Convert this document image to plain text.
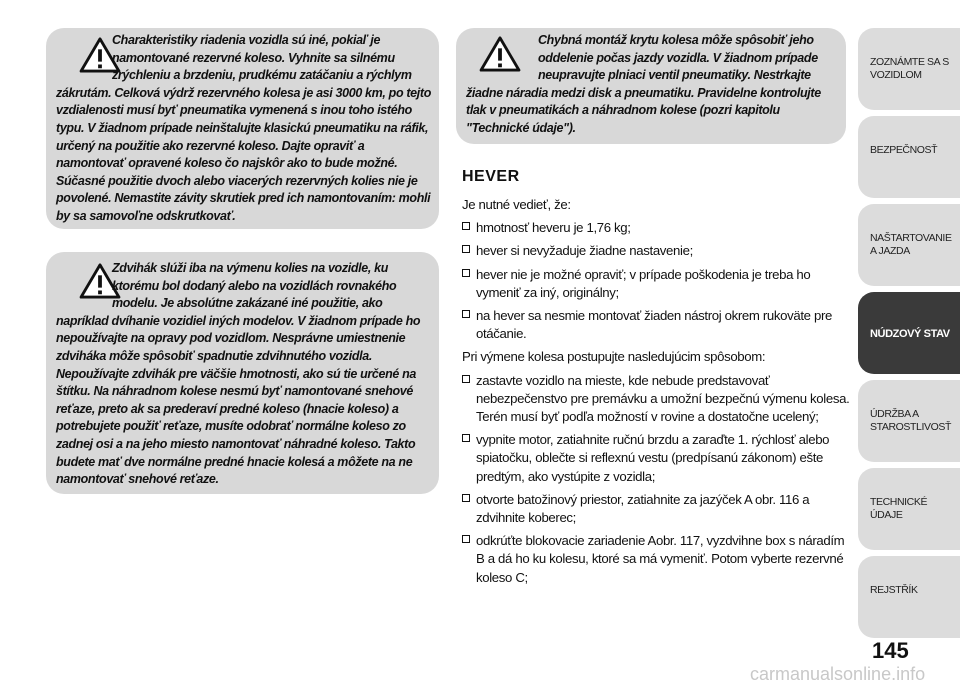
Charakteristiky riadenia vozidla sú iné, pokiaľ je
namontované rezervné koleso. Vyhnite sa silnému
zrýchleniu a brzdeniu, prudkému zatáčaniu a rýchlym
zákrutám. Celková výdrž rezervného kolesa je asi 3000 km, po tejto vzdialenosti musí byť pneumatika vymenená s inou toho istého typu. V žiadnom prípade neinštalujte klasickú pneumatiku na ráfik, určený na použitie ako rezervné koleso. Dajte opraviť a namontovať opravené koleso čo najskôr ako to bude možné. Súčasné použitie dvoch alebo viacerých rezervných kolies nie je povolené. Nemastite závity skrutiek pred ich namontovaním: mohli by sa samovoľne odskrutkovať.

Zdvihák slúži iba na výmenu kolies na vozidle, ku
ktorému bol dodaný alebo na vozidlách rovnakého
modelu. Je absolútne zakázané iné použitie, ako
napríklad dvíhanie vozidiel iných modelov. V žiadnom prípade ho nepoužívajte na opravy pod vozidlom. Nesprávne umiestnenie zdviháka môže spôsobiť spadnutie zdvihnutého vozidla. Nepoužívajte zdvihák pre väčšie hmotnosti, ako sú tie určené na štítku. Na náhradnom kolese nesmú byť namontované snehové reťaze, preto ak sa prederaví predné koleso (hnacie koleso) a potrebujete použiť reťaze, musíte odobrať normálne koleso zo zadnej osi a na jeho miesto namontovať náhradné koleso. Takto budete mať dve normálne predné hnacie kolesá a môžete na ne namontovať snehové reťaze.

Chybná montáž krytu kolesa môže spôsobiť jeho
oddelenie počas jazdy vozidla. V žiadnom prípade
neupravujte plniaci ventil pneumatiky. Nestrkajte
žiadne náradia medzi disk a pneumatiku. Pravidelne kontrolujte tlak v pneumatikách a náhradnom kolese (pozri kapitolu "Technické údaje").

HEVER

Je nutné vedieť, že:

hmotnosť heveru je 1,76 kg;
hever si nevyžaduje žiadne nastavenie;
hever nie je možné opraviť; v prípade poškodenia je treba ho vymeniť za iný, originálny;
na hever sa nesmie montovať žiaden nástroj okrem rukoväte pre otáčanie.

Pri výmene kolesa postupujte nasledujúcim spôsobom:

zastavte vozidlo na mieste, kde nebude predstavovať nebezpečenstvo pre premávku a umožní bezpečnú výmenu kolesa. Terén musí byť podľa možností v rovine a dostatočne ucelený;
vypnite motor, zatiahnite ručnú brzdu a zaraďte 1. rýchlosť alebo spiatočku, oblečte si reflexnú vestu (predpísanú zákonom) ešte predtým, ako vystúpite z vozidla;
otvorte batožinový priestor, zatiahnite za jazýček A obr. 116 a zdvihnite koberec;
odkrúťte blokovacie zariadenie Aobr. 117, vyzdvihne box s náradím B a dá ho ku kolesu, ktoré sa má vymeniť. Potom vyberte rezervné koleso C;
ZOZNÁMTE SA S VOZIDLOM
BEZPEČNOSŤ
NAŠTARTOVANIE A JAZDA
NÚDZOVÝ STAV
ÚDRŽBA A STAROSTLIVOSŤ
TECHNICKÉ ÚDAJE
REJSTŘÍK

145

carmanualsonline.info
